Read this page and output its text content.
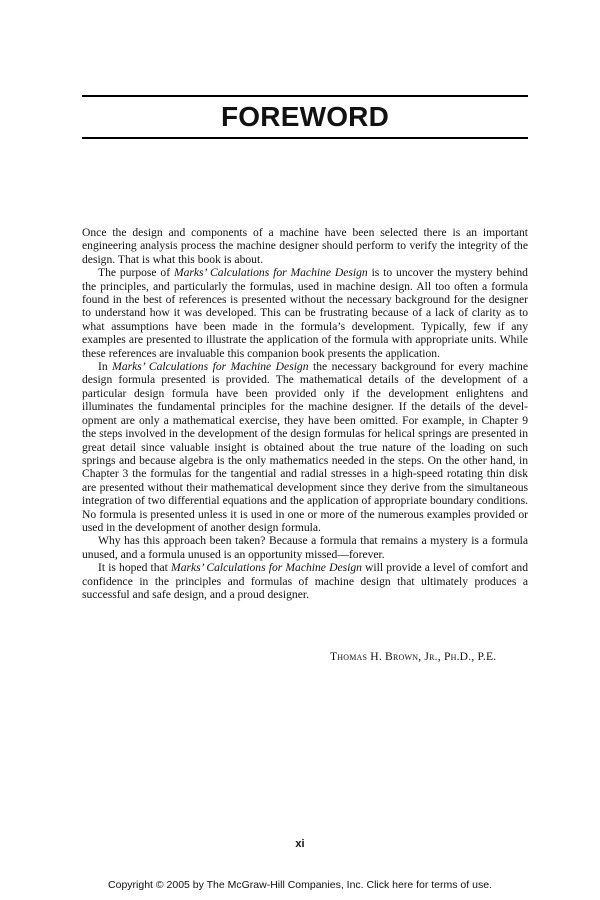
FOREWORD

Once the design and components of a machine have been selected there is an important engineering analysis process the machine designer should perform to verify the integrity of the design. That is what this book is about.

The purpose of Marks’ Calculations for Machine Design is to uncover the mystery behind the principles, and particularly the formulas, used in machine design. All too often a formula found in the best of references is presented without the necessary background for the designer to understand how it was developed. This can be frustrating because of a lack of clarity as to what assumptions have been made in the formula’s development. Typically, few if any examples are presented to illustrate the application of the formula with appropriate units. While these references are invaluable this companion book presents the application.

In Marks’ Calculations for Machine Design the necessary background for every machine design formula presented is provided. The mathematical details of the development of a particular design formula have been provided only if the development enlightens and illuminates the fundamental principles for the machine designer. If the details of the development are only a mathematical exercise, they have been omitted. For example, in Chapter 9 the steps involved in the development of the design formulas for helical springs are presented in great detail since valuable insight is obtained about the true nature of the loading on such springs and because algebra is the only mathematics needed in the steps. On the other hand, in Chapter 3 the formulas for the tangential and radial stresses in a high-speed rotating thin disk are presented without their mathematical development since they derive from the simultaneous integration of two differential equations and the application of appropriate boundary conditions. No formula is presented unless it is used in one or more of the numerous examples provided or used in the development of another design formula.

Why has this approach been taken? Because a formula that remains a mystery is a formula unused, and a formula unused is an opportunity missed—forever.

It is hoped that Marks’ Calculations for Machine Design will provide a level of comfort and confidence in the principles and formulas of machine design that ultimately produces a successful and safe design, and a proud designer.

Thomas H. Brown, Jr., Ph.D., P.E.
xi
Copyright © 2005 by The McGraw-Hill Companies, Inc. Click here for terms of use.
